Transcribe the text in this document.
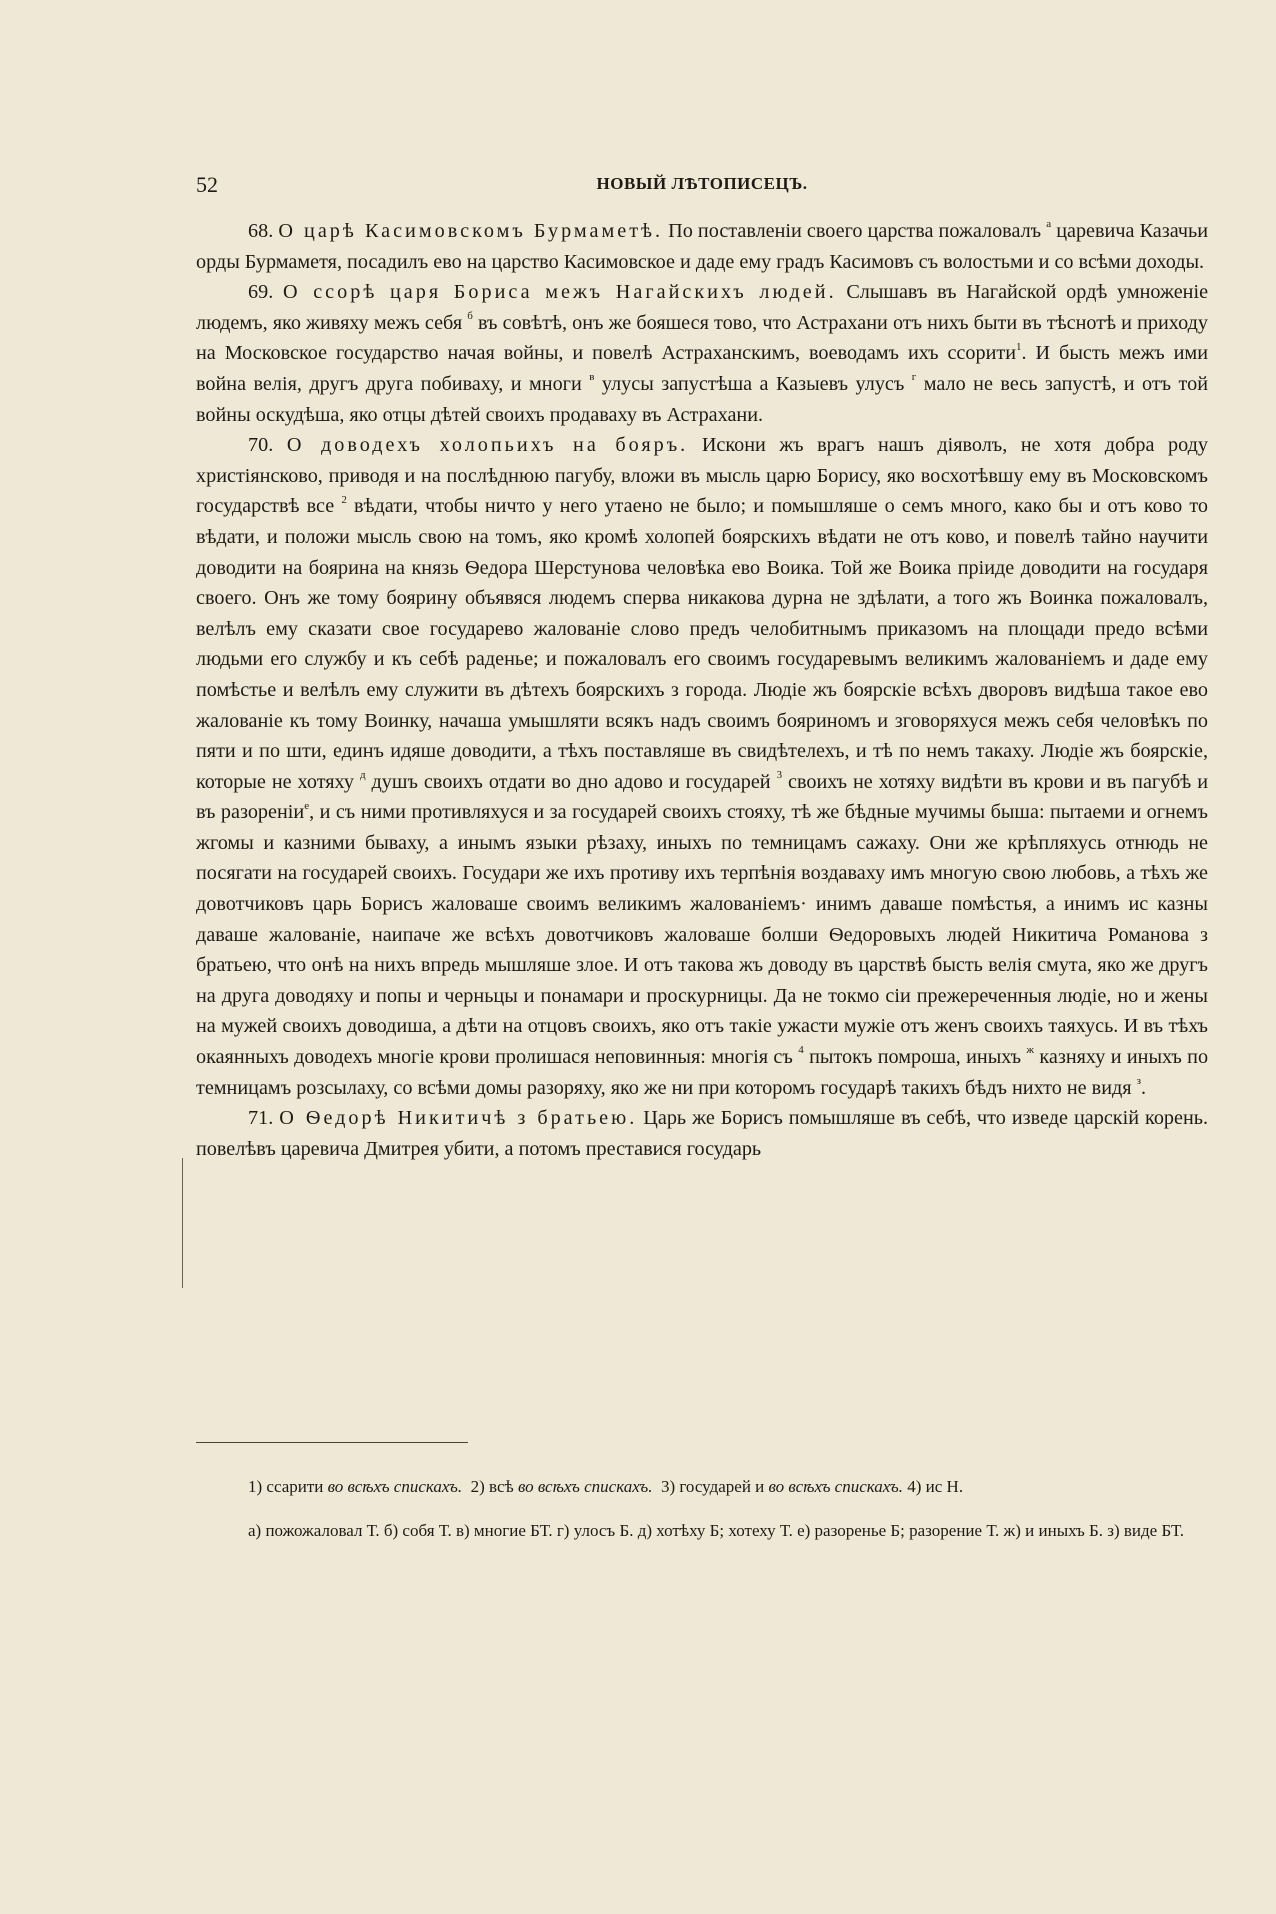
52	НОВЫЙ ЛѢТОПИСЕЦЪ.

68. О царѣ Касимовскомъ Бурмаметѣ. По поставленіи своего царства пожаловалъ $^а$ царевича Казачьи орды Бурмаметя, посадилъ ево на царство Касимовское и даде ему градъ Касимовъ съ волостьми и со всѣми доходы.

69. О ссорѣ царя Бориса межъ Нагайскихъ людей. Слышавъ въ Нагайской ордѣ умноженіе людемъ, яко живяху межъ себя $^б$ въ совѣтѣ, онъ же бояшеся тово, что Астрахани отъ нихъ быти въ тѣснотѣ и приходу на Московское государство начая войны, и повелѣ Астраханскимъ, воеводамъ ихъ ссорити$^1$. И бысть межъ ими война велія, другъ друга побиваху, и многи $^в$ улусы запустѣша а Казыевъ улусъ $^г$ мало не весь запустѣ, и отъ той войны оскудѣша, яко отцы дѣтей своихъ продаваху въ Астрахани.

70. О доводехъ холопьихъ на бояръ. Искони жъ врагъ нашъ діяволъ, не хотя добра роду христіянсково, приводя и на послѣднюю пагубу, вложи въ мысль царю Борису, яко восхотѣвшу ему въ Московскомъ государствѣ все $^2$ вѣдати, чтобы ничто у него утаено не было; и помышляше о семъ много, како бы и отъ ково то вѣдати, и положи мысль свою на томъ, яко кромѣ холопей боярскихъ вѣдати не отъ ково, и повелѣ тайно научити доводити на боярина на князь Ѳедора Шерстунова человѣка ево Воика. Той же Воика пріиде доводити на государя своего. Онъ же тому боярину объявяся людемъ сперва никакова дурна не здѣлати, а того жъ Воинка пожаловалъ, велѣлъ ему сказати свое государево жалованіе слово предъ челобитнымъ приказомъ на площади предо всѣми людьми его службу и къ себѣ раденье; и пожаловалъ его своимъ государевымъ великимъ жалованіемъ и даде ему помѣстье и велѣлъ ему служити въ дѣтехъ боярскихъ з города. Людіе жъ боярскіе всѣхъ дворовъ видѣша такое ево жалованіе къ тому Воинку, начаша умышляти всякъ надъ своимъ бояриномъ и зговоряхуся межъ себя человѣкъ по пяти и по шти, единъ идяше доводити, а тѣхъ поставляше въ свидѣтелехъ, и тѣ по немъ такаху. Людіе жъ боярскіе, которые не хотяху $^д$ душъ своихъ отдати во дно адово и государей $^3$ своихъ не хотяху видѣти въ крови и въ пагубѣ и въ разореніи$^е$, и съ ними противляхуся и за государей своихъ стояху, тѣ же бѣдные мучимы быша: пытаеми и огнемъ жгомы и казними бываху, а инымъ языки рѣзаху, иныхъ по темницамъ сажаху. Они же крѣпляхусь отнюдь не посягати на государей своихъ. Государи же ихъ противу ихъ терпѣнія воздаваху имъ многую свою любовь, а тѣхъ же довотчиковъ царь Борисъ жаловаше своимъ великимъ жалованіемъ· инимъ даваше помѣстья, а инимъ ис казны даваше жалованіе, наипаче же всѣхъ довотчиковъ жаловаше болши Ѳедоровыхъ людей Никитича Романова з братьею, что онѣ на нихъ впредь мышляше злое. И отъ такова жъ доводу въ царствѣ бысть велія смута, яко же другъ на друга доводяху и попы и черньцы и понамари и проскурницы. Да не токмо сіи прежереченныя людіе, но и жены на мужей своихъ доводиша, а дѣти на отцовъ своихъ, яко отъ такіе ужасти мужіе отъ женъ своихъ таяхусь. И въ тѣхъ окаянныхъ доводехъ многіе крови пролишася неповинныя: многія съ $^4$ пытокъ помроша, иныхъ $^ж$ казняху и иныхъ по темницамъ розсылаху, со всѣми домы разоряху, яко же ни при которомъ государѣ такихъ бѣдъ нихто не видя $^з$.

71. О Ѳедорѣ Никитичѣ з братьею. Царь же Борисъ помышляше въ себѣ, что изведе царскій корень. повелѣвъ царевича Дмитрея убити, а потомъ преставися государь

1) ссарити во всѣхъ спискахъ. 2) всѣ во всѣхъ спискахъ. 3) государей и во всѣхъ спискахъ. 4) ис Н.

а) пожожаловал Т. б) собя Т. в) многие БТ. г) улосъ Б. д) хотѣху Б; хотеху Т. е) разоренье Б; разорение Т. ж) и иныхъ Б. з) виде БТ.
